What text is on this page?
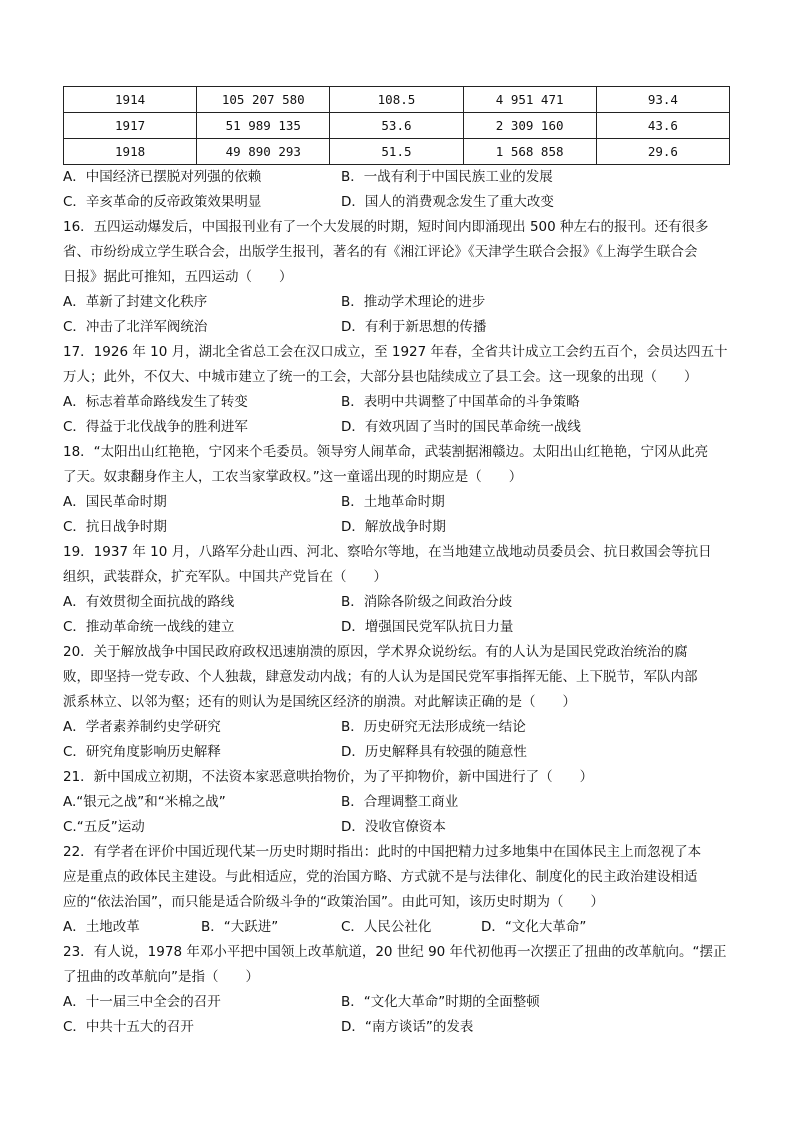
1914	105 207 580	108.5	4 951 471	93.4
1917	51 989 135	53.6	2 309 160	43.6
1918	49 890 293	51.5	1 568 858	29.6
A．中国经济已摆脱对列强的依赖	B．一战有利于中国民族工业的发展
C．辛亥革命的反帝政策效果明显	D．国人的消费观念发生了重大改变

16．五四运动爆发后，中国报刊业有了一个大发展的时期，短时间内即涌现出 500 种左右的报刊。还有很多

省、市纷纷成立学生联合会，出版学生报刊，著名的有《湘江评论》《天津学生联合会报》《上海学生联合会

日报》据此可推知，五四运动（　　）

A．革新了封建文化秩序	B．推动学术理论的进步
C．冲击了北洋军阀统治	D．有利于新思想的传播

17．1926 年 10 月，湖北全省总工会在汉口成立，至 1927 年春，全省共计成立工会约五百个，会员达四五十

万人；此外，不仅大、中城市建立了统一的工会，大部分县也陆续成立了县工会。这一现象的出现（　　）

A．标志着革命路线发生了转变	B．表明中共调整了中国革命的斗争策略
C．得益于北伐战争的胜利进军	D．有效巩固了当时的国民革命统一战线

18．“太阳出山红艳艳，宁冈来个毛委员。领导穷人闹革命，武装割据湘赣边。太阳出山红艳艳，宁冈从此亮

了天。奴隶翻身作主人，工农当家掌政权。”这一童谣出现的时期应是（　　）

A．国民革命时期	B．土地革命时期
C．抗日战争时期	D．解放战争时期

19．1937 年 10 月，八路军分赴山西、河北、察哈尔等地，在当地建立战地动员委员会、抗日救国会等抗日

组织，武装群众，扩充军队。中国共产党旨在（　　）

A．有效贯彻全面抗战的路线	B．消除各阶级之间政治分歧
C．推动革命统一战线的建立	D．增强国民党军队抗日力量

20．关于解放战争中国民政府政权迅速崩溃的原因，学术界众说纷纭。有的人认为是国民党政治统治的腐

败，即坚持一党专政、个人独裁，肆意发动内战；有的人认为是国民党军事指挥无能、上下脱节，军队内部

派系林立、以邻为壑；还有的则认为是国统区经济的崩溃。对此解读正确的是（　　）

A．学者素养制约史学研究	B．历史研究无法形成统一结论
C．研究角度影响历史解释	D．历史解释具有较强的随意性

21．新中国成立初期，不法资本家恶意哄抬物价，为了平抑物价，新中国进行了（　　）

A.“银元之战”和“米棉之战”	B．合理调整工商业
C.“五反”运动	D．没收官僚资本

22．有学者在评价中国近现代某一历史时期时指出：此时的中国把精力过多地集中在国体民主上而忽视了本

应是重点的政体民主建设。与此相适应，党的治国方略、方式就不是与法律化、制度化的民主政治建设相适

应的“依法治国”，而只能是适合阶级斗争的“政策治国”。由此可知，该历史时期为（　　）

A．土地改革	B．“大跃进”	C．人民公社化	D．“文化大革命”

23．有人说，1978 年邓小平把中国领上改革航道，20 世纪 90 年代初他再一次摆正了扭曲的改革航向。“摆正

了扭曲的改革航向”是指（　　）

A．十一届三中全会的召开	B．“文化大革命”时期的全面整顿
C．中共十五大的召开	D．“南方谈话”的发表
